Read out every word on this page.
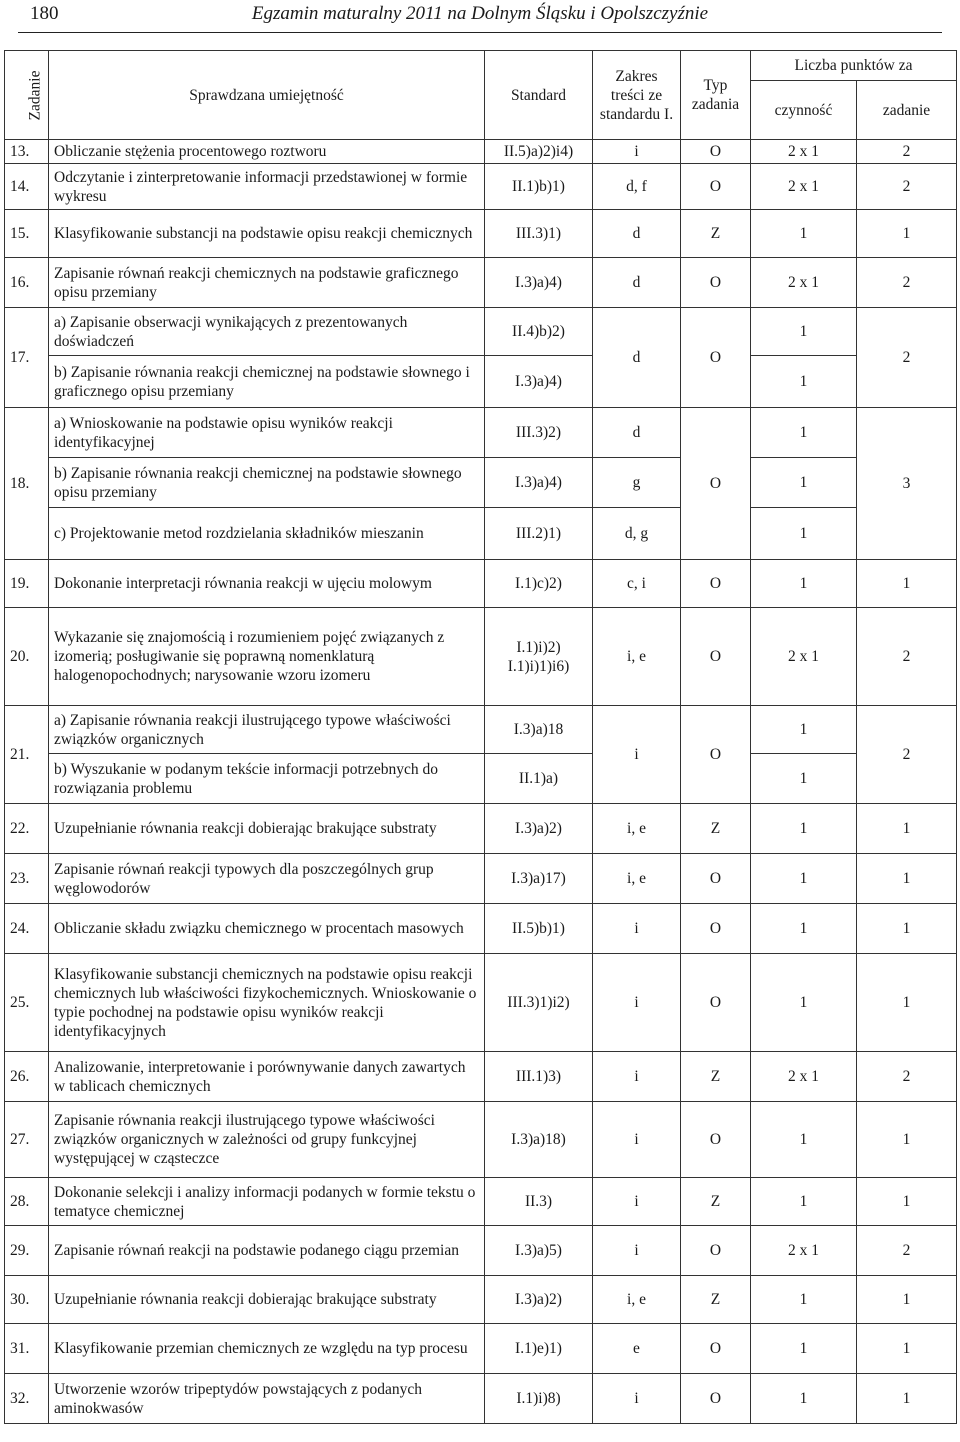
180	Egzamin maturalny 2011 na Dolnym Śląsku i Opolszczyźnie
Zadanie	Sprawdzana umiejętność	Standard	Zakres treści ze standardu I.	Typ zadania	Liczba punktów za	
					czynność	zadanie
13.	Obliczanie stężenia procentowego roztworu	II.5)a)2)i4)	i	O	2 x 1	2
14.	Odczytanie i zinterpretowanie informacji przedstawionej w formie wykresu	II.1)b)1)	d, f	O	2 x 1	2
15.	Klasyfikowanie substancji na podstawie opisu reakcji chemicznych	III.3)1)	d	Z	1	1
16.	Zapisanie równań reakcji chemicznych na podstawie graficznego opisu przemiany	I.3)a)4)	d	O	2 x 1	2
17.	a) Zapisanie obserwacji wynikających z prezentowanych doświadczeń	II.4)b)2)	d	O	1	2
	b) Zapisanie równania reakcji chemicznej na podstawie słownego i graficznego opisu przemiany	I.3)a)4)			1	
18.	a) Wnioskowanie na podstawie opisu wyników reakcji identyfikacyjnej	III.3)2)	d	O	1	3
	b) Zapisanie równania reakcji chemicznej na podstawie słownego opisu przemiany	I.3)a)4)	g		1	
	c) Projektowanie metod rozdzielania składników mieszanin	III.2)1)	d, g		1	
19.	Dokonanie interpretacji równania reakcji w ujęciu molowym	I.1)c)2)	c, i	O	1	1
20.	Wykazanie się znajomością i rozumieniem pojęć związanych z izomerią; posługiwanie się poprawną nomenklaturą halogenopochodnych; narysowanie wzoru izomeru	I.1)i)2)
I.1)i)1)i6)	i, e	O	2 x 1	2
21.	a) Zapisanie równania reakcji ilustrującego typowe właściwości związków organicznych	I.3)a)18	i	O	1	2
	b) Wyszukanie w podanym tekście informacji potrzebnych do rozwiązania problemu	II.1)a)			1	
22.	Uzupełnianie równania reakcji dobierając brakujące substraty	I.3)a)2)	i, e	Z	1	1
23.	Zapisanie równań reakcji typowych dla poszczególnych grup węglowodorów	I.3)a)17)	i, e	O	1	1
24.	Obliczanie składu związku chemicznego w procentach masowych	II.5)b)1)	i	O	1	1
25.	Klasyfikowanie substancji chemicznych na podstawie opisu reakcji chemicznych lub właściwości fizykochemicznych. Wnioskowanie o typie pochodnej na podstawie opisu wyników reakcji identyfikacyjnych	III.3)1)i2)	i	O	1	1
26.	Analizowanie, interpretowanie i porównywanie danych zawartych w tablicach chemicznych	III.1)3)	i	Z	2 x 1	2
27.	Zapisanie równania reakcji ilustrującego typowe właściwości związków organicznych w zależności od grupy funkcyjnej występującej w cząsteczce	I.3)a)18)	i	O	1	1
28.	Dokonanie selekcji i analizy informacji podanych w formie tekstu o tematyce chemicznej	II.3)	i	Z	1	1
29.	Zapisanie równań reakcji na podstawie podanego ciągu przemian	I.3)a)5)	i	O	2 x 1	2
30.	Uzupełnianie równania reakcji dobierając brakujące substraty	I.3)a)2)	i, e	Z	1	1
31.	Klasyfikowanie przemian chemicznych ze względu na typ procesu	I.1)e)1)	e	O	1	1
32.	Utworzenie wzorów tripeptydów powstających z podanych aminokwasów	I.1)i)8)	i	O	1	1
